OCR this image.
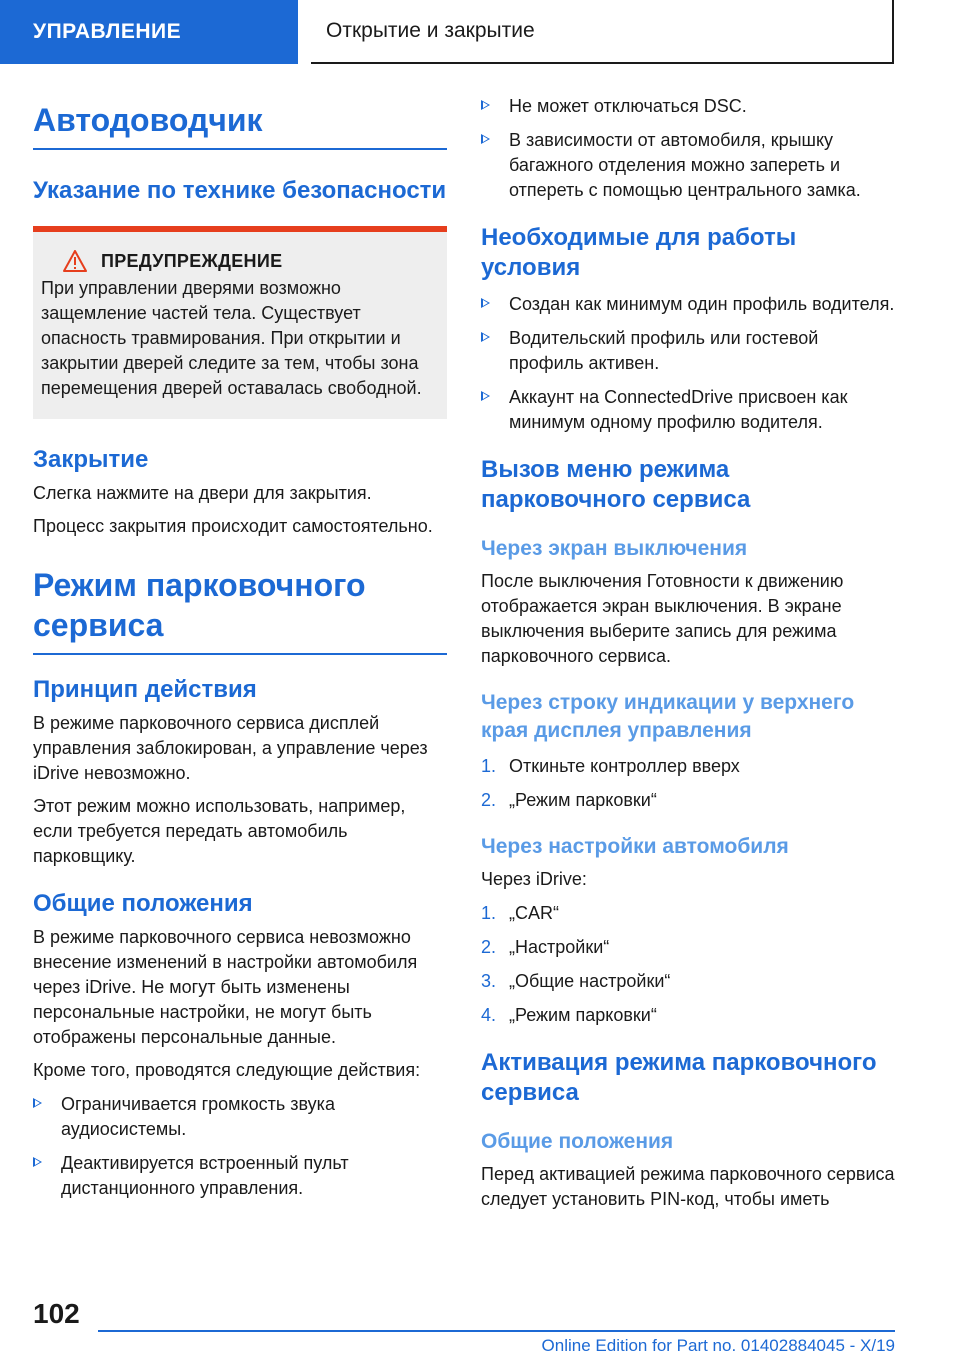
УПРАВЛЕНИЕ	Открытие и закрытие
Автодоводчик
Указание по технике безопасности
ПРЕДУПРЕЖДЕНИЕ

При управлении дверями возможно защемление частей тела. Существует опасность травмирования. При открытии и закрытии дверей следите за тем, чтобы зона перемещения дверей оставалась свободной.

Закрытие

Слегка нажмите на двери для закрытия.

Процесс закрытия происходит самостоятельно.

Режим парковочного сервиса
Принцип действия

В режиме парковочного сервиса дисплей управления заблокирован, а управление через iDrive невозможно.

Этот режим можно использовать, например, если требуется передать автомобиль парковщику.

Общие положения

В режиме парковочного сервиса невозможно внесение изменений в настройки автомобиля через iDrive. Не могут быть изменены персональные настройки, не могут быть отображены персональные данные.

Кроме того, проводятся следующие действия:

Ограничивается громкость звука аудиосистемы.
Деактивируется встроенный пульт дистанционного управления.
Не может отключаться DSC.
В зависимости от автомобиля, крышку багажного отделения можно запереть и отпереть с помощью центрального замка.
Необходимые для работы условия
Создан как минимум один профиль водителя.
Водительский профиль или гостевой профиль активен.
Аккаунт на ConnectedDrive присвоен как минимум одному профилю водителя.
Вызов меню режима парковочного сервиса
Через экран выключения

После выключения Готовности к движению отображается экран выключения. В экране выключения выберите запись для режима парковочного сервиса.

Через строку индикации у верхнего края дисплея управления
1. Откиньте контроллер вверх
2. „Режим парковки“
Через настройки автомобиля

Через iDrive:

1. „CAR“
2. „Настройки“
3. „Общие настройки“
4. „Режим парковки“
Активация режима парковочного сервиса
Общие положения

Перед активацией режима парковочного сервиса следует установить PIN-код, чтобы иметь

102
Online Edition for Part no. 01402884045 - X/19
